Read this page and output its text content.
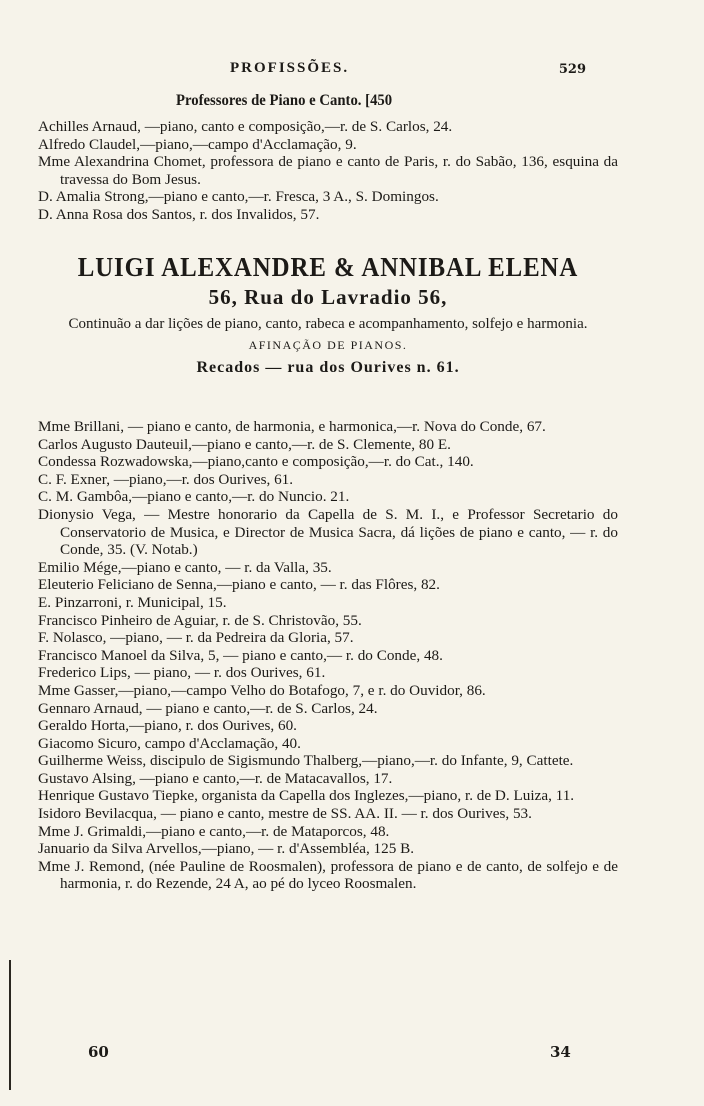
PROFISSÕES.	529
Professores de Piano e Canto. [450
Achilles Arnaud, —piano, canto e composição,—r. de S. Carlos, 24.
Alfredo Claudel,—piano,—campo d'Acclamação, 9.
Mme Alexandrina Chomet, professora de piano e canto de Paris, r. do Sabão, 136, esquina da travessa do Bom Jesus.
D. Amalia Strong,—piano e canto,—r. Fresca, 3 A., S. Domingos.
D. Anna Rosa dos Santos, r. dos Invalidos, 57.
LUIGI ALEXANDRE & ANNIBAL ELENA
56, Rua do Lavradio 56,
Continuão a dar lições de piano, canto, rabeca e acompanhamento, solfejo e harmonia.
AFINAÇÃO DE PIANOS.
Recados — rua dos Ourives n. 61.
Mme Brillani, — piano e canto, de harmonia, e harmonica,—r. Nova do Conde, 67.
Carlos Augusto Dauteuil,—piano e canto,—r. de S. Clemente, 80 E.
Condessa Rozwadowska,—piano,canto e composição,—r. do Cat., 140.
C. F. Exner, —piano,—r. dos Ourives, 61.
C. M. Gambôa,—piano e canto,—r. do Nuncio. 21.
Dionysio Vega, — Mestre honorario da Capella de S. M. I., e Professor Secretario do Conservatorio de Musica, e Director de Musica Sacra, dá lições de piano e canto, — r. do Conde, 35. (V. Notab.)
Emilio Mége,—piano e canto, — r. da Valla, 35.
Eleuterio Feliciano de Senna,—piano e canto, — r. das Flôres, 82.
E. Pinzarroni, r. Municipal, 15.
Francisco Pinheiro de Aguiar, r. de S. Christovão, 55.
F. Nolasco, —piano, — r. da Pedreira da Gloria, 57.
Francisco Manoel da Silva, 5, — piano e canto,— r. do Conde, 48.
Frederico Lips, — piano, — r. dos Ourives, 61.
Mme Gasser,—piano,—campo Velho do Botafogo, 7, e r. do Ouvidor, 86.
Gennaro Arnaud, — piano e canto,—r. de S. Carlos, 24.
Geraldo Horta,—piano, r. dos Ourives, 60.
Giacomo Sicuro, campo d'Acclamação, 40.
Guilherme Weiss, discipulo de Sigismundo Thalberg,—piano,—r. do Infante, 9, Cattete.
Gustavo Alsing, —piano e canto,—r. de Matacavallos, 17.
Henrique Gustavo Tiepke, organista da Capella dos Inglezes,—piano, r. de D. Luiza, 11.
Isidoro Bevilacqua, — piano e canto, mestre de SS. AA. II. — r. dos Ourives, 53.
Mme J. Grimaldi,—piano e canto,—r. de Mataporcos, 48.
Januario da Silva Arvellos,—piano, — r. d'Assembléa, 125 B.
Mme J. Remond, (née Pauline de Roosmalen), professora de piano e de canto, de solfejo e de harmonia, r. do Rezende, 24 A, ao pé do lyceo Roosmalen.
60	34
